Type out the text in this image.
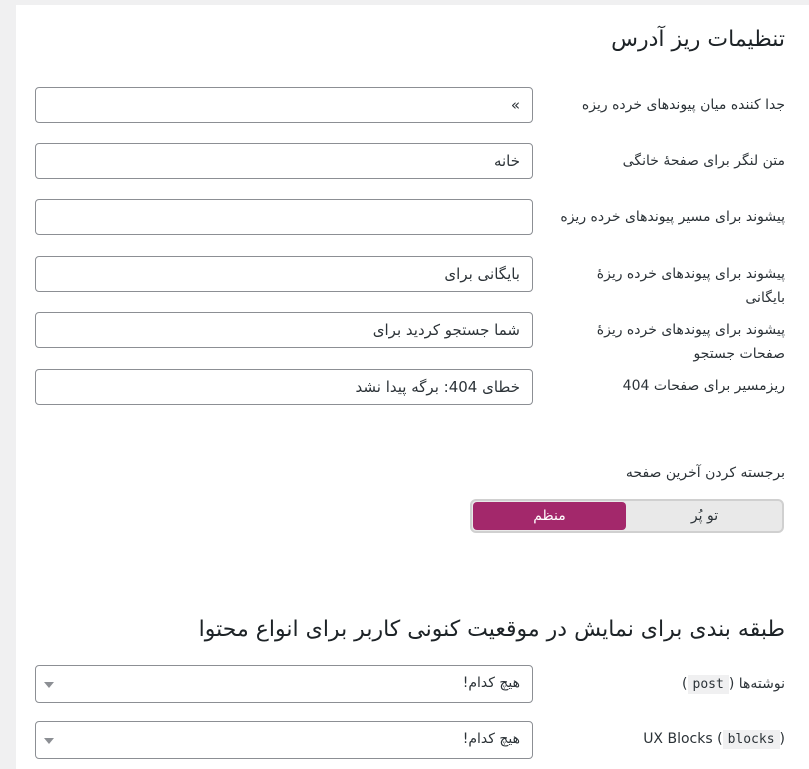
تنظیمات ریز آدرس
جدا کننده میان پیوندهای خرده ریزه
»
متن لنگر برای صفحهٔ خانگی
خانه
پیشوند برای مسیر پیوندهای خرده ریزه
پیشوند برای پیوندهای خرده ریزهٔ بایگانی
بایگانی برای
پیشوند برای پیوندهای خرده ریزهٔ صفحات جستجو
شما جستجو کردید برای
ریزمسیر برای صفحات 404
خطای 404: برگه پیدا نشد
برجسته کردن آخرین صفحه
تو پُر
منظم
طبقه بندی برای نمایش در موقعیت کنونی کاربر برای انواع محتوا
نوشته‌ها (post)
هیچ کدام!
UX Blocks ( blocks )
هیچ کدام!
